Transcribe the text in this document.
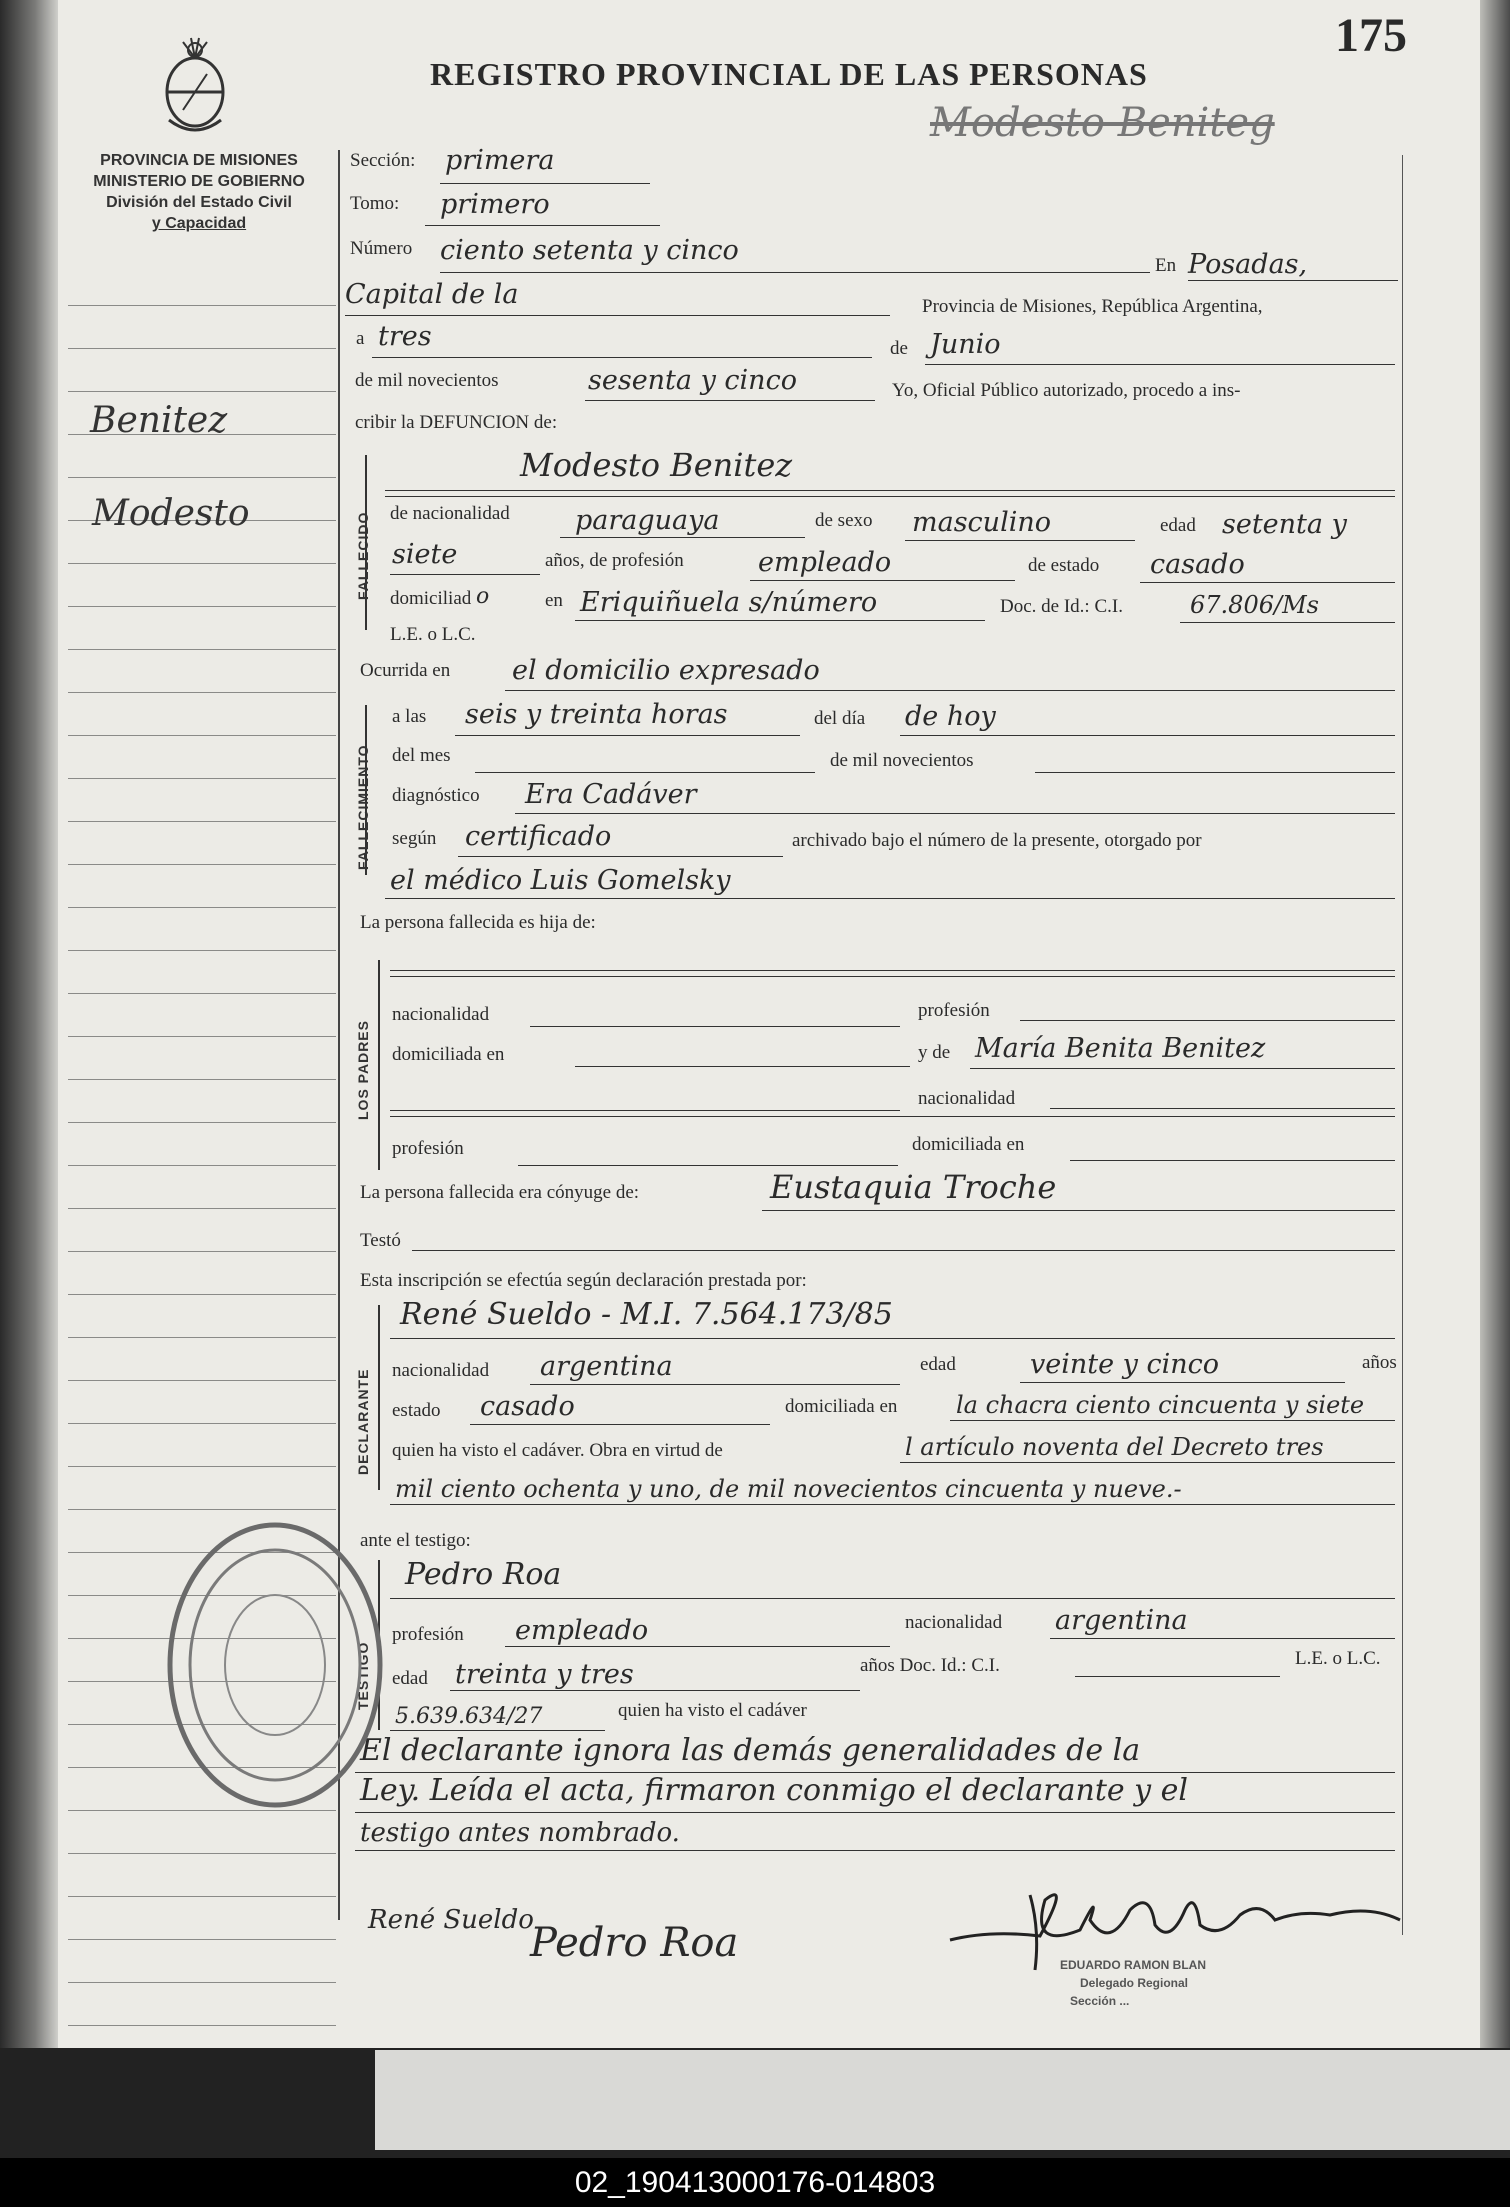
PROVINCIA DE MISIONES
MINISTERIO DE GOBIERNO
División del Estado Civil
y Capacidad
175
REGISTRO PROVINCIAL DE LAS PERSONAS
Modesto Beniteg
Benitez
Modesto
Sección: primera
Tomo: primero
Número ciento setenta y cinco	En Posadas,
Capital de la	Provincia de Misiones, República Argentina,
a tres	de Junio
de mil novecientos	sesenta y cinco	Yo, Oficial Público autorizado, procedo a ins-
cribir la DEFUNCION de:
FALLECIDO
Modesto Benitez
de nacionalidad paraguaya	de sexo masculino	edad setenta y
siete	años, de profesión	empleado	de estado casado
domiciliad o	en Eriquiñuela s/número	Doc. de Id.: C.I.	67.806/Ms
L.E. o L.C.
Ocurrida en el domicilio expresado
FALLECIMIENTO
a las seis y treinta horas	del día de hoy
del mes	de mil novecientos
diagnóstico Era Cadáver
según certificado	archivado bajo el número de la presente, otorgado por
el médico Luis Gomelsky
La persona fallecida es hija de:
LOS PADRES
nacionalidad	profesión
domiciliada en	y de María Benita Benitez
nacionalidad
profesión	domiciliada en
La persona fallecida era cónyuge de:	Eustaquia Troche
Testó
Esta inscripción se efectúa según declaración prestada por:
DECLARANTE
René Sueldo - M.I. 7.564.173/85
nacionalidad argentina	edad	veinte y cinco	años
estado casado	domiciliada en la chacra ciento cincuenta y siete
quien ha visto el cadáver. Obra en virtud de	l artículo noventa del Decreto tres
mil ciento ochenta y uno, de mil novecientos cincuenta y nueve.-
ante el testigo:
TESTIGO
Pedro Roa
profesión empleado	nacionalidad argentina
edad treinta y tres	años Doc. Id.: C.I.	L.E. o L.C.
5.639.634/27	quien ha visto el cadáver
El declarante ignora las demás generalidades de la
Ley. Leída el acta, firmaron conmigo el declarante y el
testigo antes nombrado.
René Sueldo
Pedro Roa	EDUARDO RAMON BLAN
Delegado Regional
Sección ...
02_190413000176-014803
